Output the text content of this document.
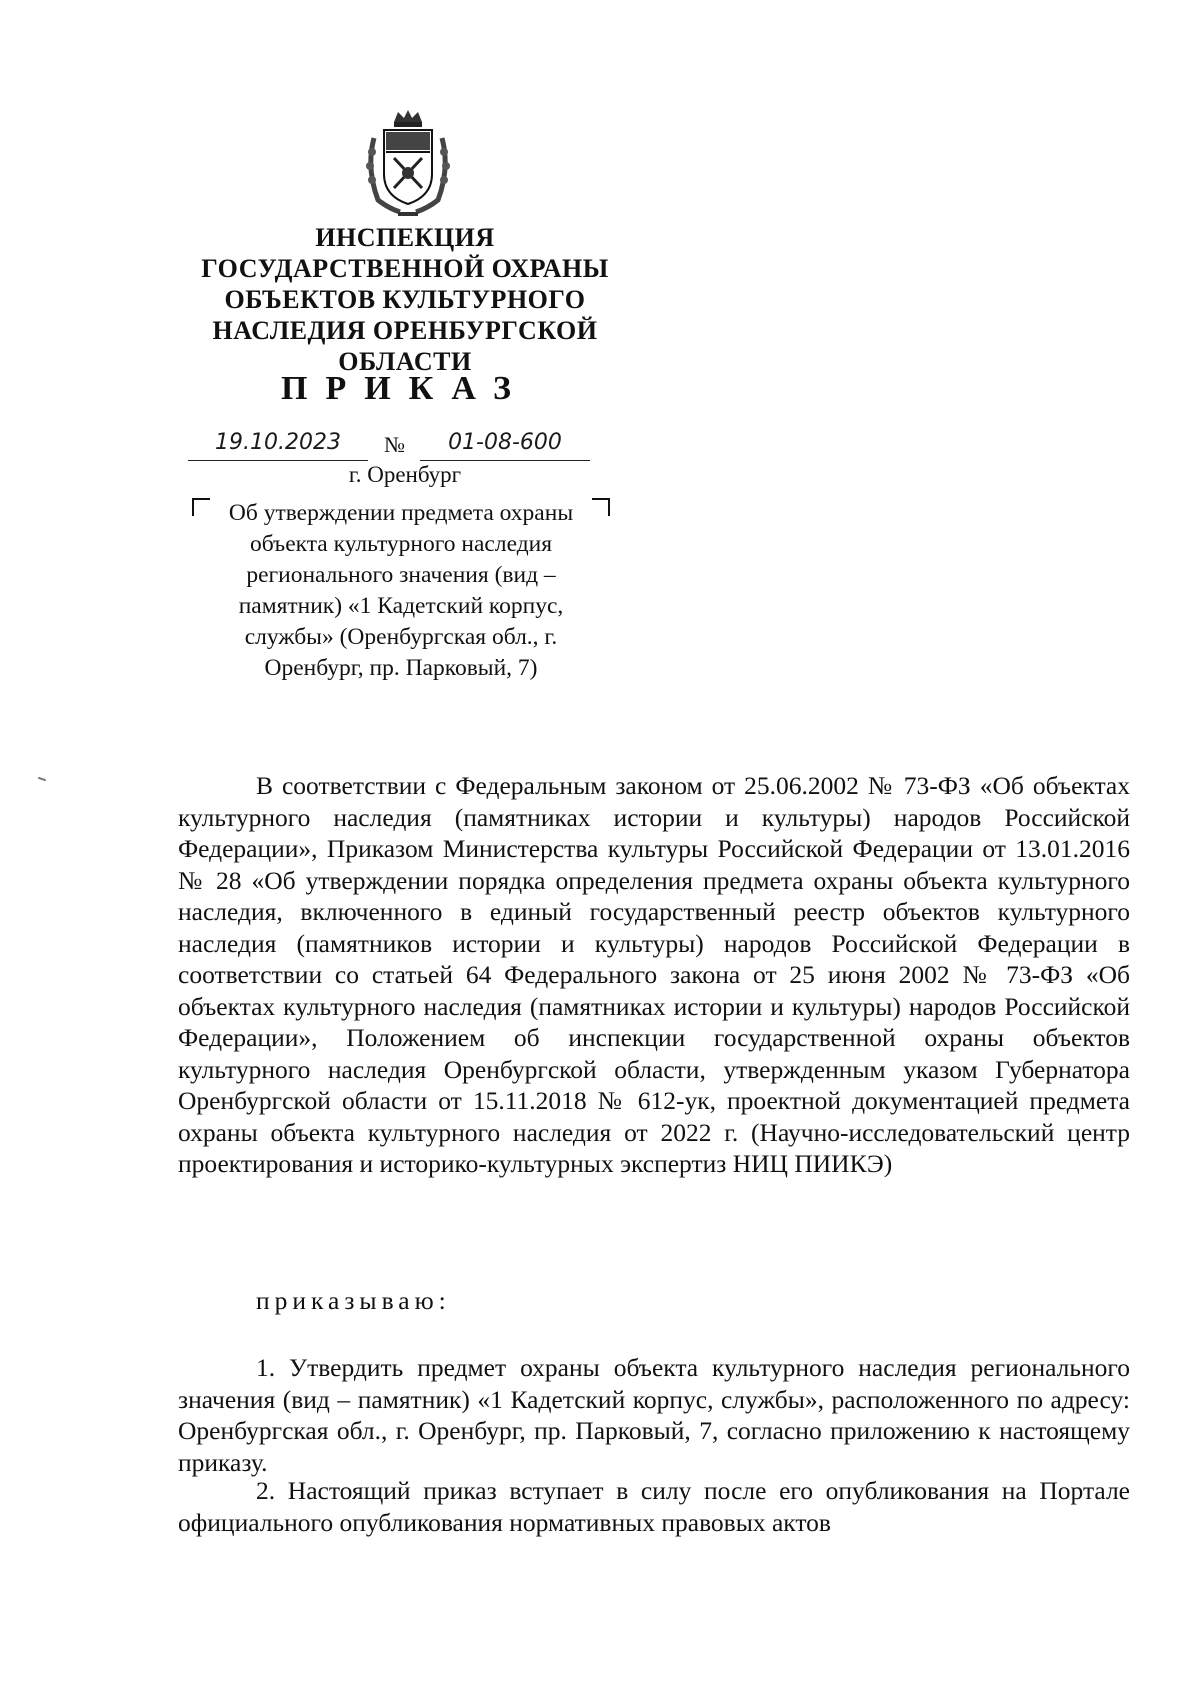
ИНСПЕКЦИЯ
ГОСУДАРСТВЕННОЙ ОХРАНЫ
ОБЪЕКТОВ КУЛЬТУРНОГО
НАСЛЕДИЯ ОРЕНБУРГСКОЙ
ОБЛАСТИ
ПРИКАЗ
19.10.2023	№	01-08-600
г. Оренбург
Об утверждении предмета охраны объекта культурного наследия регионального значения (вид – памятник) «1 Кадетский корпус, службы» (Оренбургская обл., г. Оренбург, пр. Парковый, 7)

В соответствии с Федеральным законом от 25.06.2002 № 73-ФЗ «Об объектах культурного наследия (памятниках истории и культуры) народов Российской Федерации», Приказом Министерства культуры Российской Федерации от 13.01.2016 № 28 «Об утверждении порядка определения предмета охраны объекта культурного наследия, включенного в единый государственный реестр объектов культурного наследия (памятников истории и культуры) народов Российской Федерации в соответствии со статьей 64 Федерального закона от 25 июня 2002 № 73-ФЗ «Об объектах культурного наследия (памятниках истории и культуры) народов Российской Федерации», Положением об инспекции государственной охраны объектов культурного наследия Оренбургской области, утвержденным указом Губернатора Оренбургской области от 15.11.2018 № 612-ук, проектной документацией предмета охраны объекта культурного наследия от 2022 г. (Научно-исследовательский центр проектирования и историко-культурных экспертиз НИЦ ПИИКЭ)

приказываю:

1. Утвердить предмет охраны объекта культурного наследия регионального значения (вид – памятник) «1 Кадетский корпус, службы», расположенного по адресу: Оренбургская обл., г. Оренбург, пр. Парковый, 7, согласно приложению к настоящему приказу.

2. Настоящий приказ вступает в силу после его опубликования на Портале официального опубликования нормативных правовых актов
